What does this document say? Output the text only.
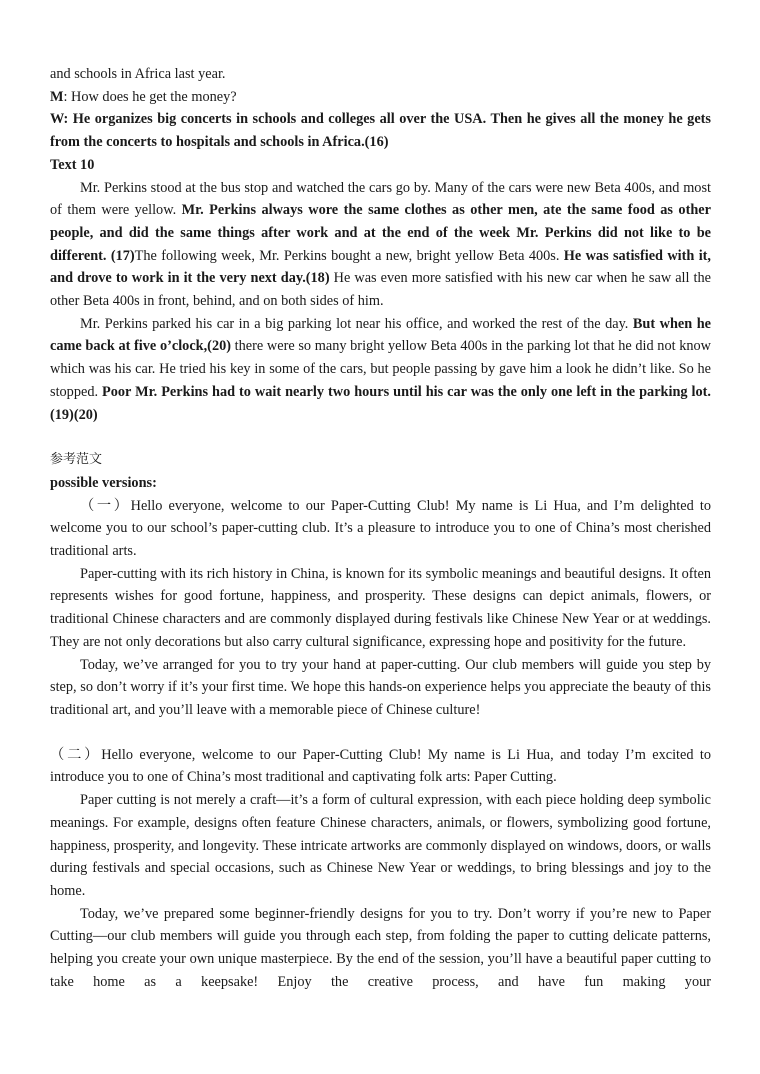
and schools in Africa last year.

M: How does he get the money?

W: He organizes big concerts in schools and colleges all over the USA. Then he gives all the money he gets from the concerts to hospitals and schools in Africa.(16)

Text 10

Mr. Perkins stood at the bus stop and watched the cars go by. Many of the cars were new Beta 400s, and most of them were yellow. Mr. Perkins always wore the same clothes as other men, ate the same food as other people, and did the same things after work and at the end of the week Mr. Perkins did not like to be different. (17)The following week, Mr. Perkins bought a new, bright yellow Beta 400s. He was satisfied with it, and drove to work in it the very next day.(18) He was even more satisfied with his new car when he saw all the other Beta 400s in front, behind, and on both sides of him.

Mr. Perkins parked his car in a big parking lot near his office, and worked the rest of the day. But when he came back at five o’clock,(20) there were so many bright yellow Beta 400s in the parking lot that he did not know which was his car. He tried his key in some of the cars, but people passing by gave him a look he didn’t like. So he stopped. Poor Mr. Perkins had to wait nearly two hours until his car was the only one left in the parking lot.(19)(20)

参考范文

possible versions:

（一）Hello everyone, welcome to our Paper-Cutting Club! My name is Li Hua, and I’m delighted to welcome you to our school’s paper-cutting club. It’s a pleasure to introduce you to one of China’s most cherished traditional arts.

Paper-cutting with its rich history in China, is known for its symbolic meanings and beautiful designs. It often represents wishes for good fortune, happiness, and prosperity. These designs can depict animals, flowers, or traditional Chinese characters and are commonly displayed during festivals like Chinese New Year or at weddings. They are not only decorations but also carry cultural significance, expressing hope and positivity for the future.

Today, we’ve arranged for you to try your hand at paper-cutting. Our club members will guide you step by step, so don’t worry if it’s your first time. We hope this hands-on experience helps you appreciate the beauty of this traditional art, and you’ll leave with a memorable piece of Chinese culture!

（二）Hello everyone, welcome to our Paper-Cutting Club! My name is Li Hua, and today I’m excited to introduce you to one of China’s most traditional and captivating folk arts: Paper Cutting.

Paper cutting is not merely a craft—it’s a form of cultural expression, with each piece holding deep symbolic meanings. For example, designs often feature Chinese characters, animals, or flowers, symbolizing good fortune, happiness, prosperity, and longevity. These intricate artworks are commonly displayed on windows, doors, or walls during festivals and special occasions, such as Chinese New Year or weddings, to bring blessings and joy to the home.

Today, we’ve prepared some beginner-friendly designs for you to try. Don’t worry if you’re new to Paper Cutting—our club members will guide you through each step, from folding the paper to cutting delicate patterns, helping you create your own unique masterpiece. By the end of the session, you’ll have a beautiful paper cutting to take home as a keepsake! Enjoy the creative process, and have fun making your
